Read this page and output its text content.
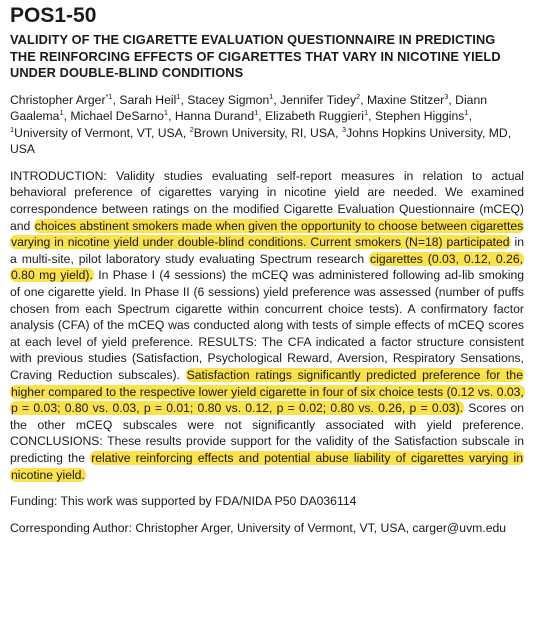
POS1-50
VALIDITY OF THE CIGARETTE EVALUATION QUESTIONNAIRE IN PREDICTING THE REINFORCING EFFECTS OF CIGARETTES THAT VARY IN NICOTINE YIELD UNDER DOUBLE-BLIND CONDITIONS
Christopher Arger$^{*1}$, Sarah Heil$^1$, Stacey Sigmon$^1$, Jennifer Tidey$^2$, Maxine Stitzer$^3$, Diann Gaalema$^1$, Michael DeSarno$^1$, Hanna Durand$^1$, Elizabeth Ruggieri$^1$, Stephen Higgins$^1$, $^1$University of Vermont, VT, USA, $^2$Brown University, RI, USA, $^3$Johns Hopkins University, MD, USA
INTRODUCTION: Validity studies evaluating self-report measures in relation to actual behavioral preference of cigarettes varying in nicotine yield are needed. We examined correspondence between ratings on the modified Cigarette Evaluation Questionnaire (mCEQ) and choices abstinent smokers made when given the opportunity to choose between cigarettes varying in nicotine yield under double-blind conditions. Current smokers (N=18) participated in a multi-site, pilot laboratory study evaluating Spectrum research cigarettes (0.03, 0.12, 0.26, 0.80 mg yield). In Phase I (4 sessions) the mCEQ was administered following ad-lib smoking of one cigarette yield. In Phase II (6 sessions) yield preference was assessed (number of puffs chosen from each Spectrum cigarette within concurrent choice tests). A confirmatory factor analysis (CFA) of the mCEQ was conducted along with tests of simple effects of mCEQ scores at each level of yield preference. RESULTS: The CFA indicated a factor structure consistent with previous studies (Satisfaction, Psychological Reward, Aversion, Respiratory Sensations, Craving Reduction subscales). Satisfaction ratings significantly predicted preference for the higher compared to the respective lower yield cigarette in four of six choice tests (0.12 vs. 0.03, p = 0.03; 0.80 vs. 0.03, p = 0.01; 0.80 vs. 0.12, p = 0.02; 0.80 vs. 0.26, p = 0.03). Scores on the other mCEQ subscales were not significantly associated with yield preference. CONCLUSIONS: These results provide support for the validity of the Satisfaction subscale in predicting the relative reinforcing effects and potential abuse liability of cigarettes varying in nicotine yield.
Funding: This work was supported by FDA/NIDA P50 DA036114
Corresponding Author: Christopher Arger, University of Vermont, VT, USA, carger@uvm.edu
